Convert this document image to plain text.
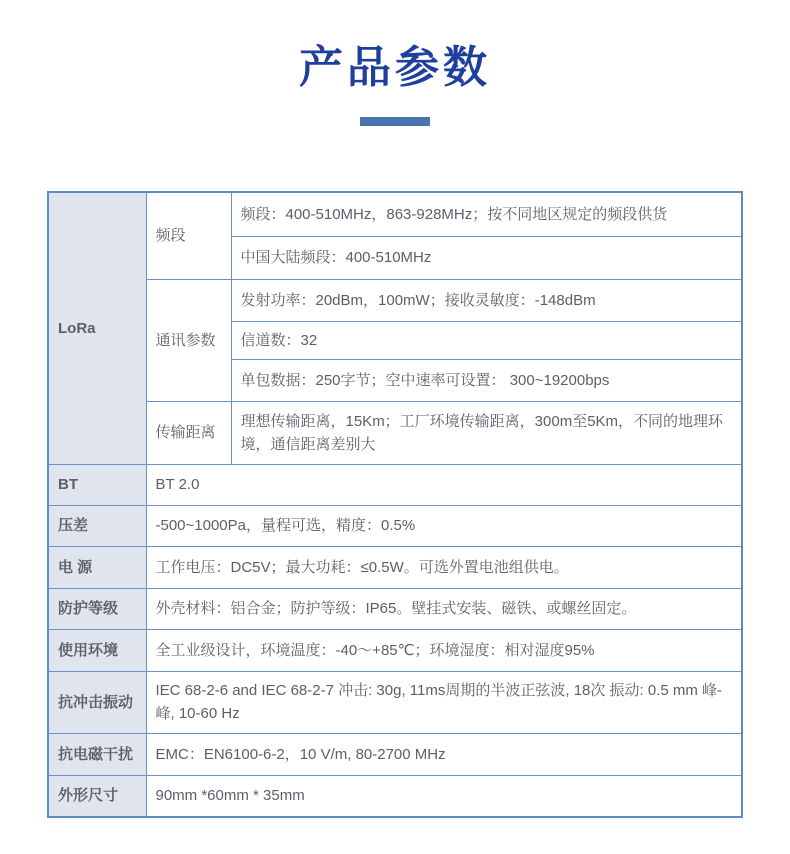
产品参数
LoRa	频段	频段：400-510MHz，863-928MHz；按不同地区规定的频段供货
		中国大陆频段：400-510MHz
	通讯参数	发射功率：20dBm，100mW；接收灵敏度：-148dBm
		信道数：32
		单包数据：250字节；空中速率可设置： 300~19200bps
	传输距离	理想传输距离，15Km；工厂环境传输距离，300m至5Km，不同的地理环境，通信距离差别大
BT	BT 2.0	
压差	-500~1000Pa，量程可选，精度：0.5%	
电 源	工作电压：DC5V；最大功耗：≤0.5W。可选外置电池组供电。	
防护等级	外壳材料：铝合金；防护等级：IP65。壁挂式安装、磁铁、或螺丝固定。	
使用环境	全工业级设计，环境温度：-40～+85℃；环境湿度：相对湿度95%	
抗冲击振动	IEC 68-2-6 and IEC 68-2-7 冲击: 30g, 11ms周期的半波正弦波, 18次 振动: 0.5 mm 峰-峰, 10-60 Hz	
抗电磁干扰	EMC：EN6100-6-2，10 V/m, 80-2700 MHz	
外形尺寸	90mm *60mm * 35mm	
